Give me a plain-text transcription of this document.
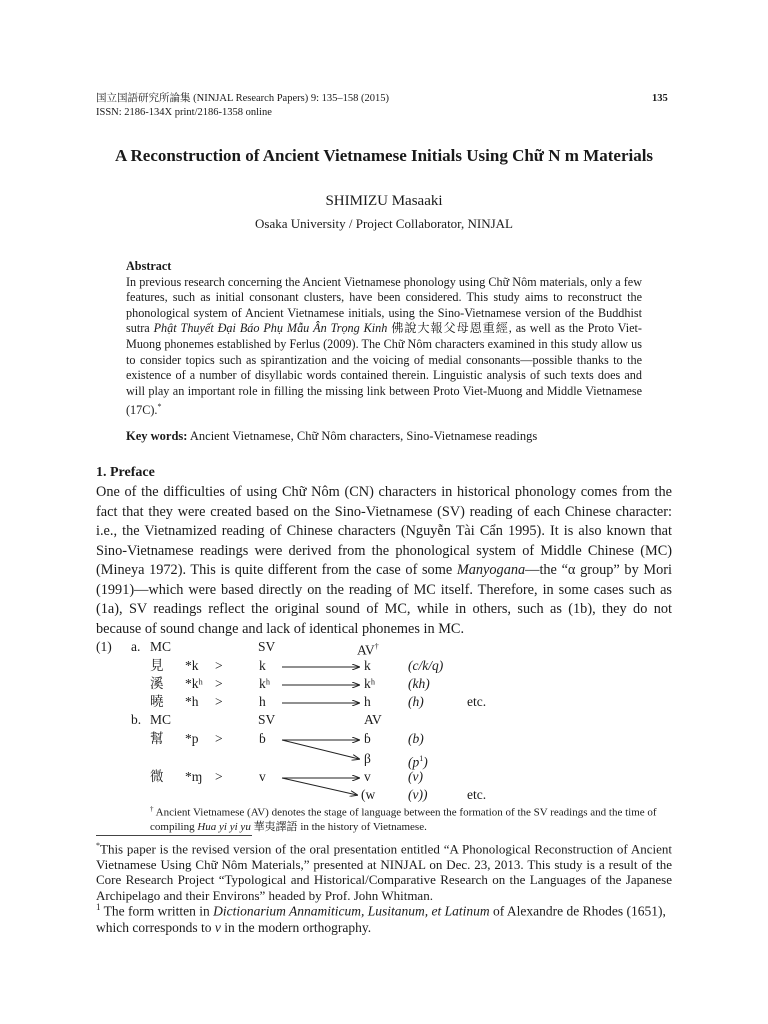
国立国語研究所論集 (NINJAL Research Papers) 9: 135–158 (2015)
ISSN: 2186-134X print/2186-1358 online
135
A Reconstruction of Ancient Vietnamese Initials Using Chữ N m Materials
SHIMIZU Masaaki
Osaka University / Project Collaborator, NINJAL
Abstract
In previous research concerning the Ancient Vietnamese phonology using Chữ Nôm materials, only a few features, such as initial consonant clusters, have been considered. This study aims to reconstruct the phonological system of Ancient Vietnamese initials, using the Sino-Vietnamese version of the Buddhist sutra Phật Thuyết Đại Báo Phụ Mẫu Ân Trọng Kinh 佛說大報父母恩重經, as well as the Proto Viet-Muong phonemes established by Ferlus (2009). The Chữ Nôm characters examined in this study allow us to consider topics such as spirantization and the voicing of medial consonants—possible thanks to the existence of a number of disyllabic words contained therein. Linguistic analysis of such texts does and will play an important role in filling the missing link between Proto Viet-Muong and Middle Vietnamese (17C).*
Key words: Ancient Vietnamese, Chữ Nôm characters, Sino-Vietnamese readings
1. Preface
One of the difficulties of using Chữ Nôm (CN) characters in historical phonology comes from the fact that they were created based on the Sino-Vietnamese (SV) reading of each Chinese character: i.e., the Vietnamized reading of Chinese characters (Nguyễn Tài Cẩn 1995). It is also known that Sino-Vietnamese readings were derived from the phonological system of Middle Chinese (MC) (Mineya 1972). This is quite different from the case of some Manyogana—the “α group” by Mori (1991)—which were based directly on the reading of MC itself. Therefore, in some cases such as (1a), SV readings reflect the original sound of MC, while in others, such as (1b), they do not because of sound change and lack of identical phonemes in MC.
(1) a. MC	SV	AV†
見 *k >	k	k	(c/k/q)
溪 *kʰ >	kʰ	kʰ (kh)
曉 *h >	h	h	(h)	etc.
b. MC	SV	AV
幫 *p >	ɓ	ɓ	(b)
β	$(p^1)$
微 *ɱ >	v	v	(v)
(w (v))	etc.
† Ancient Vietnamese (AV) denotes the stage of language between the formation of the SV readings and the time of compiling Hua yi yi yu 華夷譯語 in the history of Vietnamese.
*This paper is the revised version of the oral presentation entitled “A Phonological Reconstruction of Ancient Vietnamese Using Chữ Nôm Materials,” presented at NINJAL on Dec. 23, 2013. This study is a result of the Core Research Project “Typological and Historical/Comparative Research on the Languages of the Japanese Archipelago and their Environs” headed by Prof. John Whitman.
$^1$ The form written in Dictionarium Annamiticum, Lusitanum, et Latinum of Alexandre de Rhodes (1651), which corresponds to v in the modern orthography.
